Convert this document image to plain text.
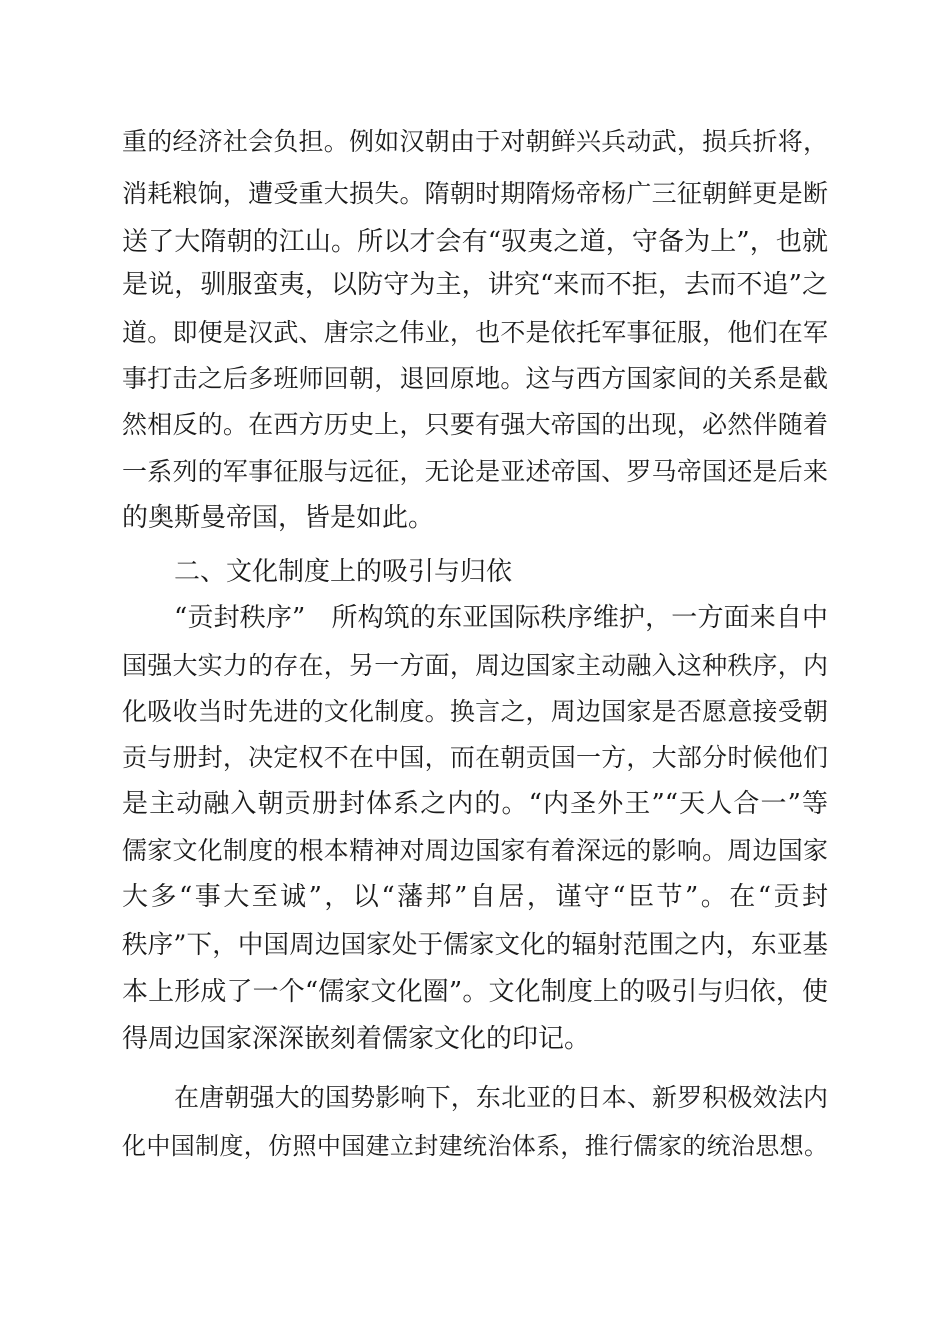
重的经济社会负担。例如汉朝由于对朝鲜兴兵动武，损兵折将，
消耗粮饷，遭受重大损失。隋朝时期隋炀帝杨广三征朝鲜更是断
送了大隋朝的江山。所以才会有“驭夷之道，守备为上”，也就
是说，驯服蛮夷，以防守为主，讲究“来而不拒，去而不追”之
道。即便是汉武、唐宗之伟业，也不是依托军事征服，他们在军
事打击之后多班师回朝，退回原地。这与西方国家间的关系是截
然相反的。在西方历史上，只要有强大帝国的出现，必然伴随着
一系列的军事征服与远征，无论是亚述帝国、罗马帝国还是后来
的奥斯曼帝国，皆是如此。
二、文化制度上的吸引与归依
“贡封秩序”　所构筑的东亚国际秩序维护，一方面来自中
国强大实力的存在，另一方面，周边国家主动融入这种秩序，内
化吸收当时先进的文化制度。换言之，周边国家是否愿意接受朝
贡与册封，决定权不在中国，而在朝贡国一方，大部分时候他们
是主动融入朝贡册封体系之内的。“内圣外王”“天人合一”等
儒家文化制度的根本精神对周边国家有着深远的影响。周边国家
大多“事大至诚”，以“藩邦”自居，谨守“臣节”。在“贡封
秩序”下，中国周边国家处于儒家文化的辐射范围之内，东亚基
本上形成了一个“儒家文化圈”。文化制度上的吸引与归依，使
得周边国家深深嵌刻着儒家文化的印记。
在唐朝强大的国势影响下，东北亚的日本、新罗积极效法内
化中国制度，仿照中国建立封建统治体系，推行儒家的统治思想。
